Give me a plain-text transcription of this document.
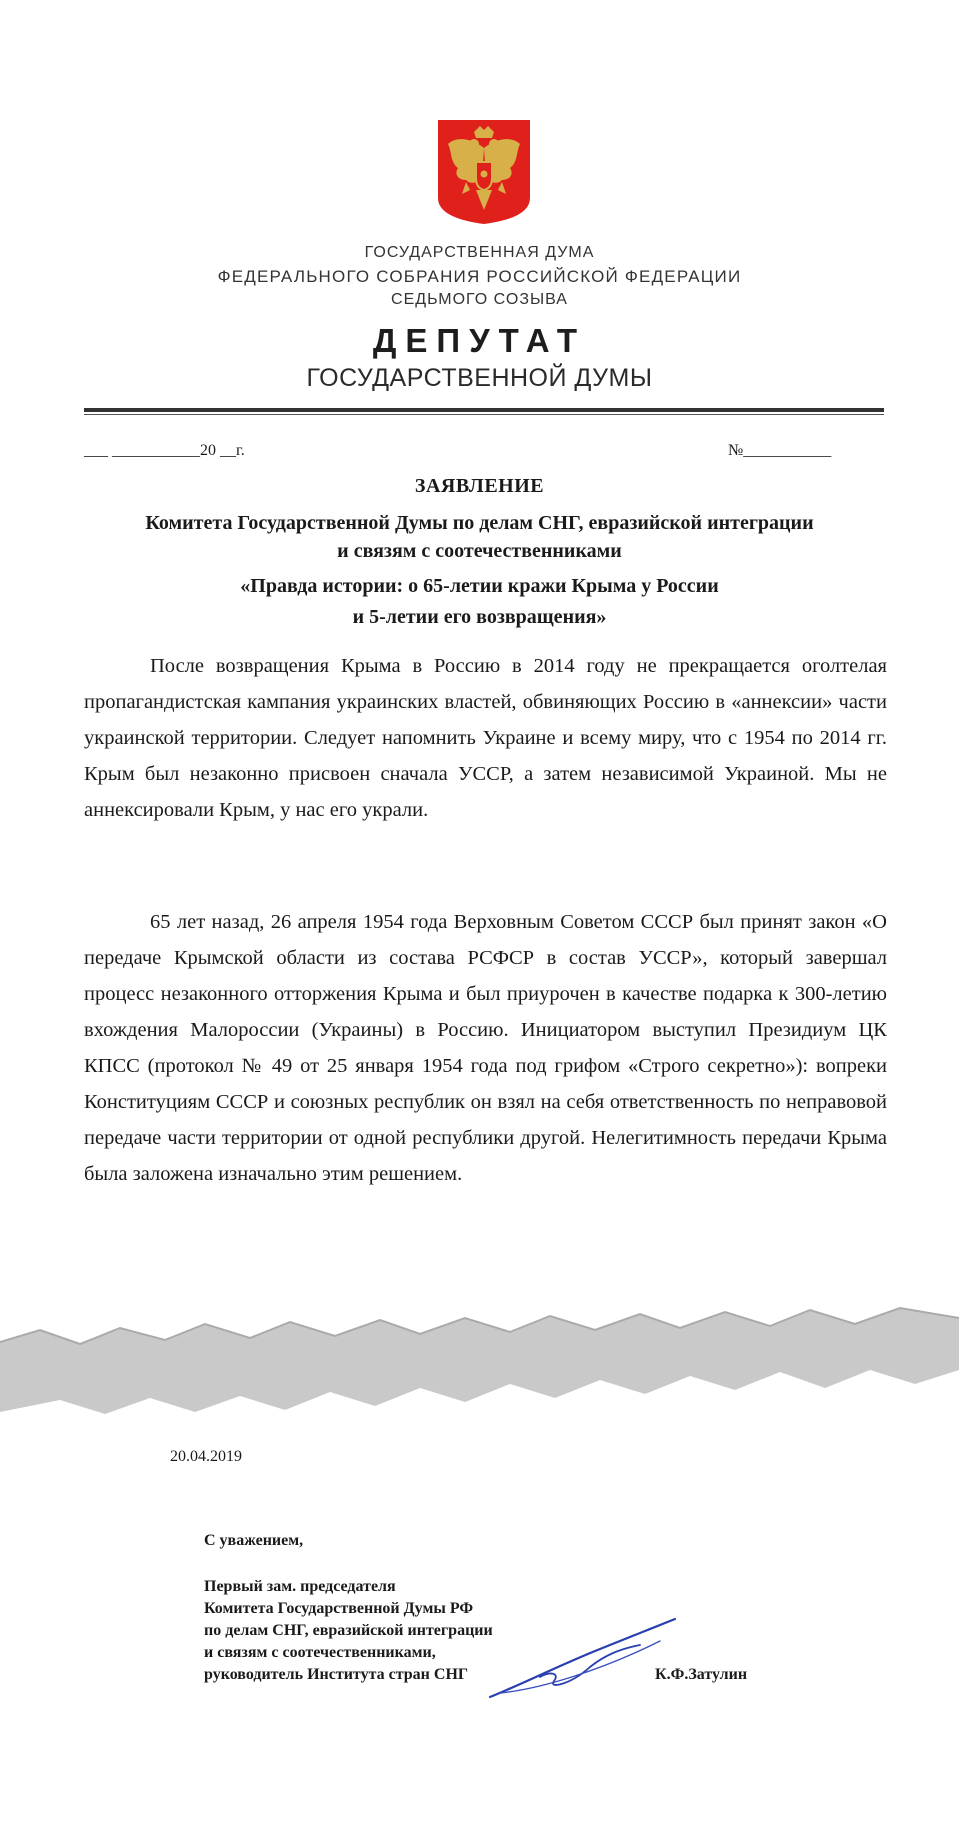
ГОСУДАРСТВЕННАЯ ДУМА
ФЕДЕРАЛЬНОГО СОБРАНИЯ РОССИЙСКОЙ ФЕДЕРАЦИИ
СЕДЬМОГО СОЗЫВА
ДЕПУТАТ
ГОСУДАРСТВЕННОЙ ДУМЫ
___ ___________20 __г.	№___________
ЗАЯВЛЕНИЕ
Комитета Государственной Думы по делам СНГ, евразийской интеграции
и связям с соотечественниками
«Правда истории: о 65-летии кражи Крыма у России
и 5-летии его возвращения»

После возвращения Крыма в Россию в 2014 году не прекращается оголтелая пропагандистская кампания украинских властей, обвиняющих Россию в «аннексии» части украинской территории. Следует напомнить Украине и всему миру, что с 1954 по 2014 гг. Крым был незаконно присвоен сначала УССР, а затем независимой Украиной. Мы не аннексировали Крым, у нас его украли.

65 лет назад, 26 апреля 1954 года Верховным Советом СССР был принят закон «О передаче Крымской области из состава РСФСР в состав УССР», который завершал процесс незаконного отторжения Крыма и был приурочен в качестве подарка к 300-летию вхождения Малороссии (Украины) в Россию. Инициатором выступил Президиум ЦК КПСС (протокол № 49 от 25 января 1954 года под грифом «Строго секретно»): вопреки Конституциям СССР и союзных республик он взял на себя ответственность по неправовой передаче части территории от одной республики другой. Нелегитимность передачи Крыма была заложена изначально этим решением.

20.04.2019
С уважением,
Первый зам. председателя
Комитета Государственной Думы РФ
по делам СНГ, евразийской интеграции
и связям с соотечественниками,
руководитель Института стран СНГ	К.Ф.Затулин
